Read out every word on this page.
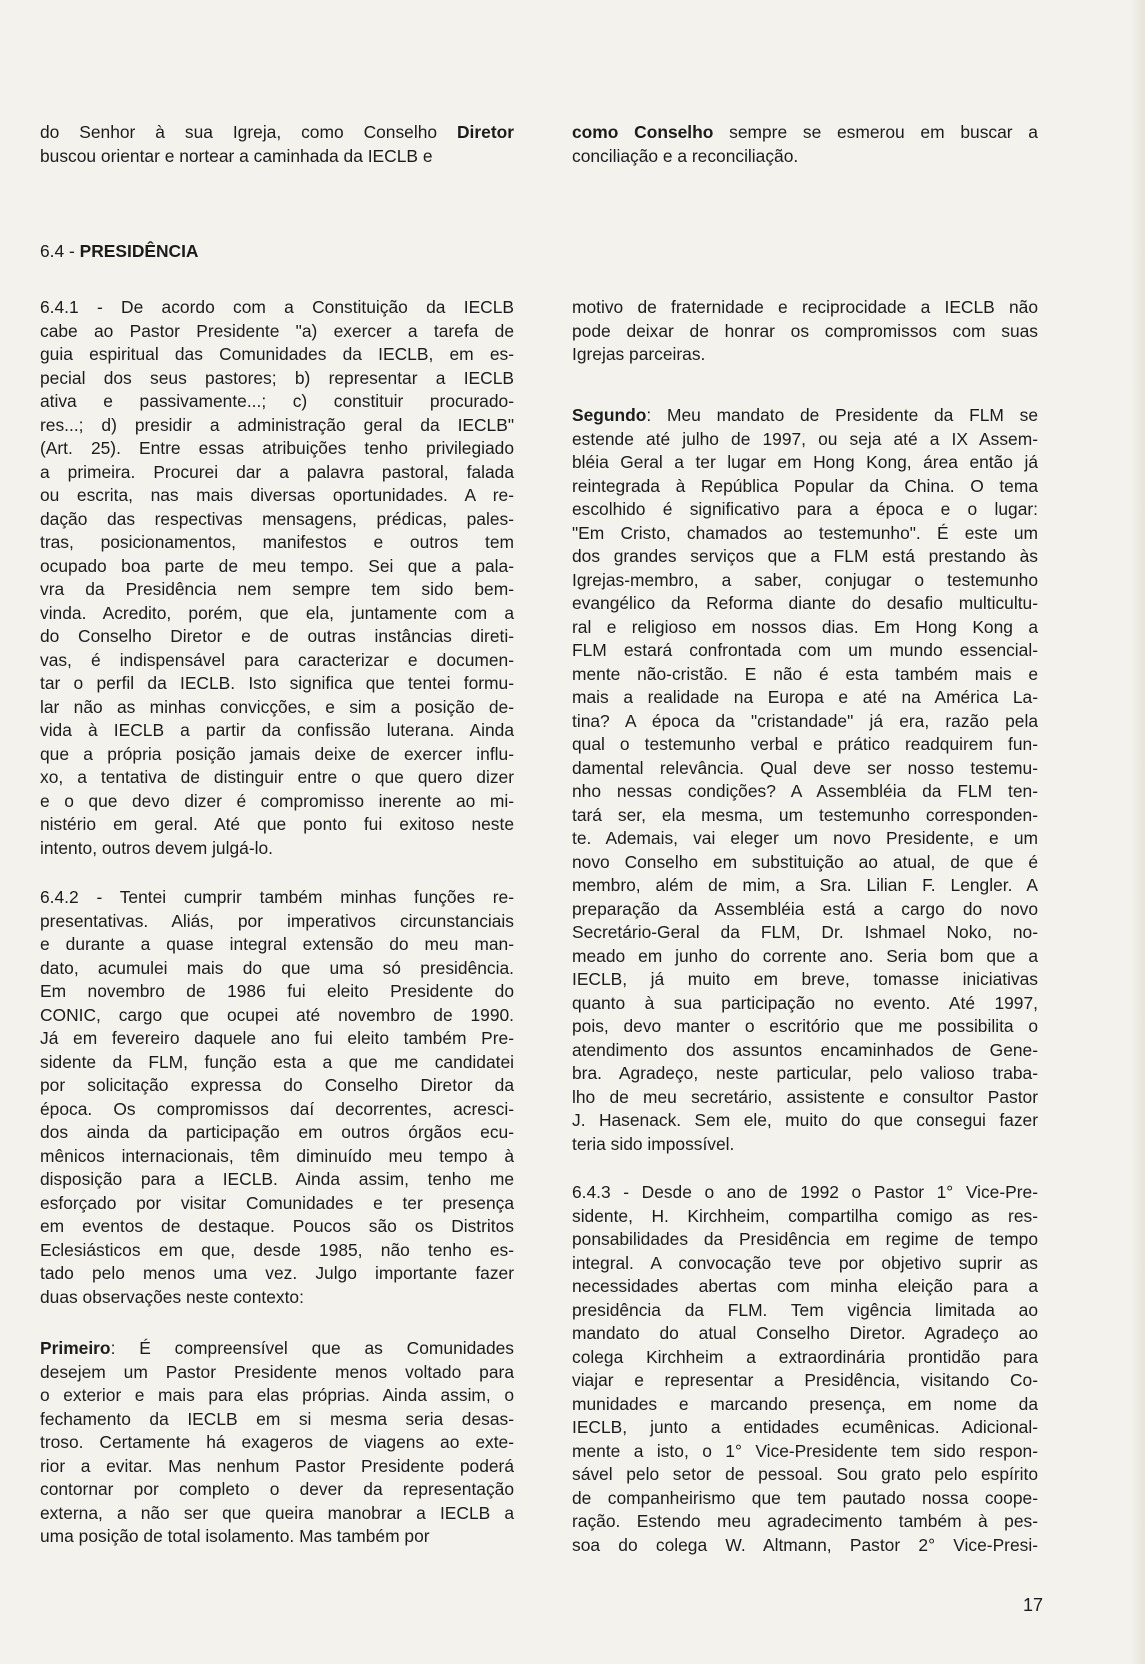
do Senhor à sua Igreja, como Conselho Diretor
buscou orientar e nortear a caminhada da IECLB e
como Conselho sempre se esmerou em buscar a
conciliação e a reconciliação.
6.4 - PRESIDÊNCIA
6.4.1 - De acordo com a Constituição da IECLB
cabe ao Pastor Presidente "a) exercer a tarefa de
guia espiritual das Comunidades da IECLB, em es-
pecial dos seus pastores; b) representar a IECLB
ativa e passivamente...; c) constituir procurado-
res...; d) presidir a administração geral da IECLB"
(Art. 25). Entre essas atribuições tenho privilegiado
a primeira. Procurei dar a palavra pastoral, falada
ou escrita, nas mais diversas oportunidades. A re-
dação das respectivas mensagens, prédicas, pales-
tras, posicionamentos, manifestos e outros tem
ocupado boa parte de meu tempo. Sei que a pala-
vra da Presidência nem sempre tem sido bem-
vinda. Acredito, porém, que ela, juntamente com a
do Conselho Diretor e de outras instâncias direti-
vas, é indispensável para caracterizar e documen-
tar o perfil da IECLB. Isto significa que tentei formu-
lar não as minhas convicções, e sim a posição de-
vida à IECLB a partir da confissão luterana. Ainda
que a própria posição jamais deixe de exercer influ-
xo, a tentativa de distinguir entre o que quero dizer
e o que devo dizer é compromisso inerente ao mi-
nistério em geral. Até que ponto fui exitoso neste
intento, outros devem julgá-lo.
6.4.2 - Tentei cumprir também minhas funções re-
presentativas. Aliás, por imperativos circunstanciais
e durante a quase integral extensão do meu man-
dato, acumulei mais do que uma só presidência.
Em novembro de 1986 fui eleito Presidente do
CONIC, cargo que ocupei até novembro de 1990.
Já em fevereiro daquele ano fui eleito também Pre-
sidente da FLM, função esta a que me candidatei
por solicitação expressa do Conselho Diretor da
época. Os compromissos daí decorrentes, acresci-
dos ainda da participação em outros órgãos ecu-
mênicos internacionais, têm diminuído meu tempo à
disposição para a IECLB. Ainda assim, tenho me
esforçado por visitar Comunidades e ter presença
em eventos de destaque. Poucos são os Distritos
Eclesiásticos em que, desde 1985, não tenho es-
tado pelo menos uma vez. Julgo importante fazer
duas observações neste contexto:
Primeiro: É compreensível que as Comunidades
desejem um Pastor Presidente menos voltado para
o exterior e mais para elas próprias. Ainda assim, o
fechamento da IECLB em si mesma seria desas-
troso. Certamente há exageros de viagens ao exte-
rior a evitar. Mas nenhum Pastor Presidente poderá
contornar por completo o dever da representação
externa, a não ser que queira manobrar a IECLB a
uma posição de total isolamento. Mas também por
motivo de fraternidade e reciprocidade a IECLB não
pode deixar de honrar os compromissos com suas
Igrejas parceiras.
Segundo: Meu mandato de Presidente da FLM se
estende até julho de 1997, ou seja até a IX Assem-
bléia Geral a ter lugar em Hong Kong, área então já
reintegrada à República Popular da China. O tema
escolhido é significativo para a época e o lugar:
"Em Cristo, chamados ao testemunho". É este um
dos grandes serviços que a FLM está prestando às
Igrejas-membro, a saber, conjugar o testemunho
evangélico da Reforma diante do desafio multicultu-
ral e religioso em nossos dias. Em Hong Kong a
FLM estará confrontada com um mundo essencial-
mente não-cristão. E não é esta também mais e
mais a realidade na Europa e até na América La-
tina? A época da "cristandade" já era, razão pela
qual o testemunho verbal e prático readquirem fun-
damental relevância. Qual deve ser nosso testemu-
nho nessas condições? A Assembléia da FLM ten-
tará ser, ela mesma, um testemunho corresponden-
te. Ademais, vai eleger um novo Presidente, e um
novo Conselho em substituição ao atual, de que é
membro, além de mim, a Sra. Lilian F. Lengler. A
preparação da Assembléia está a cargo do novo
Secretário-Geral da FLM, Dr. Ishmael Noko, no-
meado em junho do corrente ano. Seria bom que a
IECLB, já muito em breve, tomasse iniciativas
quanto à sua participação no evento. Até 1997,
pois, devo manter o escritório que me possibilita o
atendimento dos assuntos encaminhados de Gene-
bra. Agradeço, neste particular, pelo valioso traba-
lho de meu secretário, assistente e consultor Pastor
J. Hasenack. Sem ele, muito do que consegui fazer
teria sido impossível.
6.4.3 - Desde o ano de 1992 o Pastor 1° Vice-Pre-
sidente, H. Kirchheim, compartilha comigo as res-
ponsabilidades da Presidência em regime de tempo
integral. A convocação teve por objetivo suprir as
necessidades abertas com minha eleição para a
presidência da FLM. Tem vigência limitada ao
mandato do atual Conselho Diretor. Agradeço ao
colega Kirchheim a extraordinária prontidão para
viajar e representar a Presidência, visitando Co-
munidades e marcando presença, em nome da
IECLB, junto a entidades ecumênicas. Adicional-
mente a isto, o 1° Vice-Presidente tem sido respon-
sável pelo setor de pessoal. Sou grato pelo espírito
de companheirismo que tem pautado nossa coope-
ração. Estendo meu agradecimento também à pes-
soa do colega W. Altmann, Pastor 2° Vice-Presi-
17
